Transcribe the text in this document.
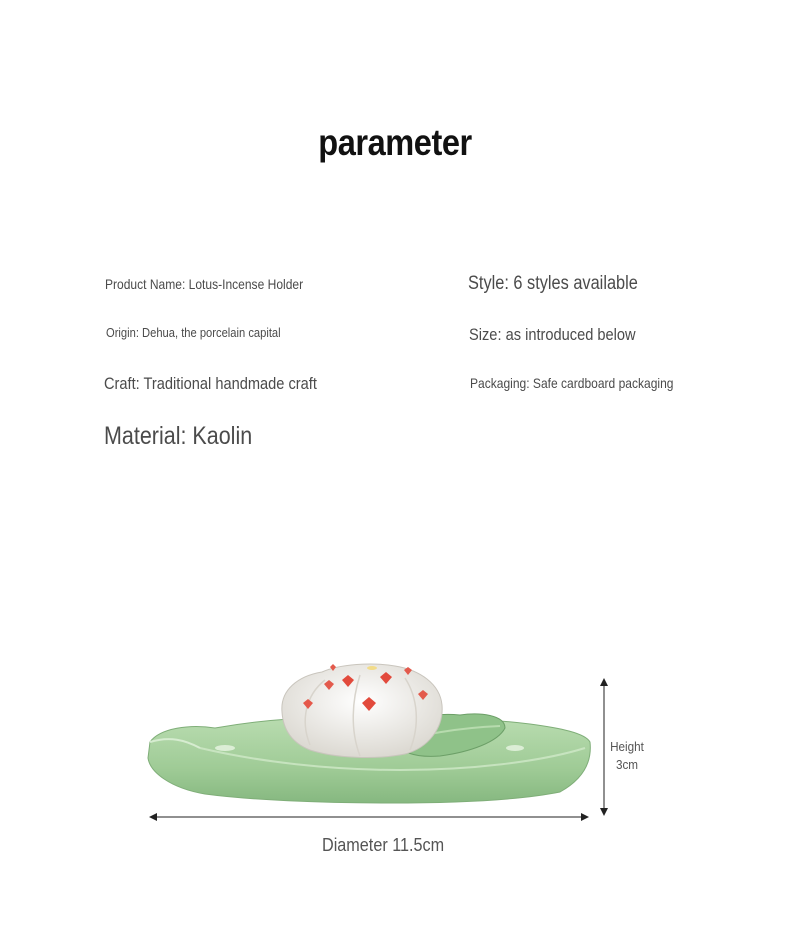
parameter
Product Name: Lotus-Incense Holder
Origin: Dehua, the porcelain capital
Craft: Traditional handmade craft
Material: Kaolin
Style: 6 styles available
Size: as introduced below
Packaging: Safe cardboard packaging
Diameter 11.5cm
Height
3cm
